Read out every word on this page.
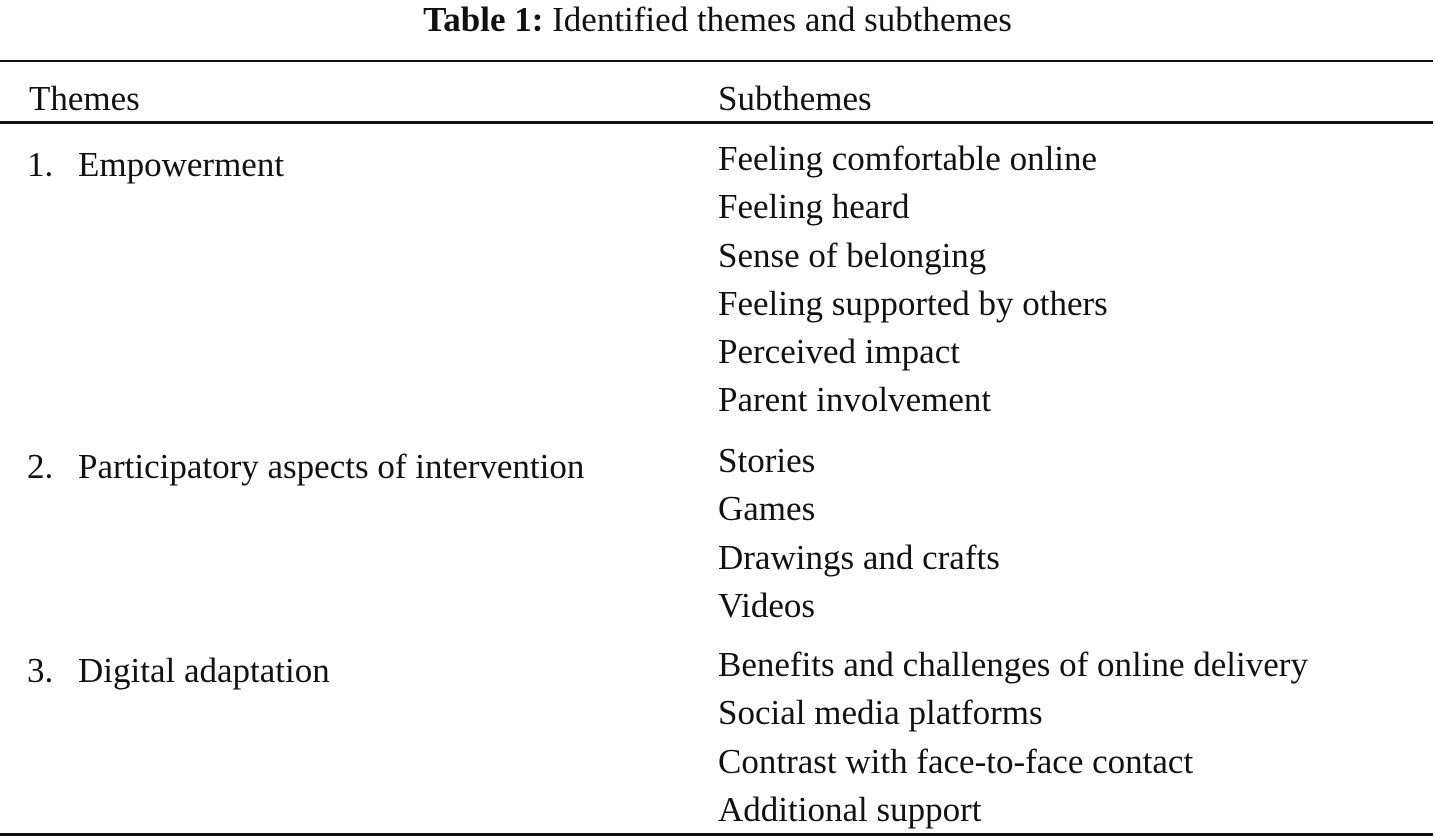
Table 1: Identified themes and subthemes
Themes	Subthemes
1. Empowerment	Feeling comfortable online
Feeling heard
Sense of belonging
Feeling supported by others
Perceived impact
Parent involvement
2. Participatory aspects of intervention	Stories
Games
Drawings and crafts
Videos
3. Digital adaptation	Benefits and challenges of online delivery
Social media platforms
Contrast with face-to-face contact
Additional support
